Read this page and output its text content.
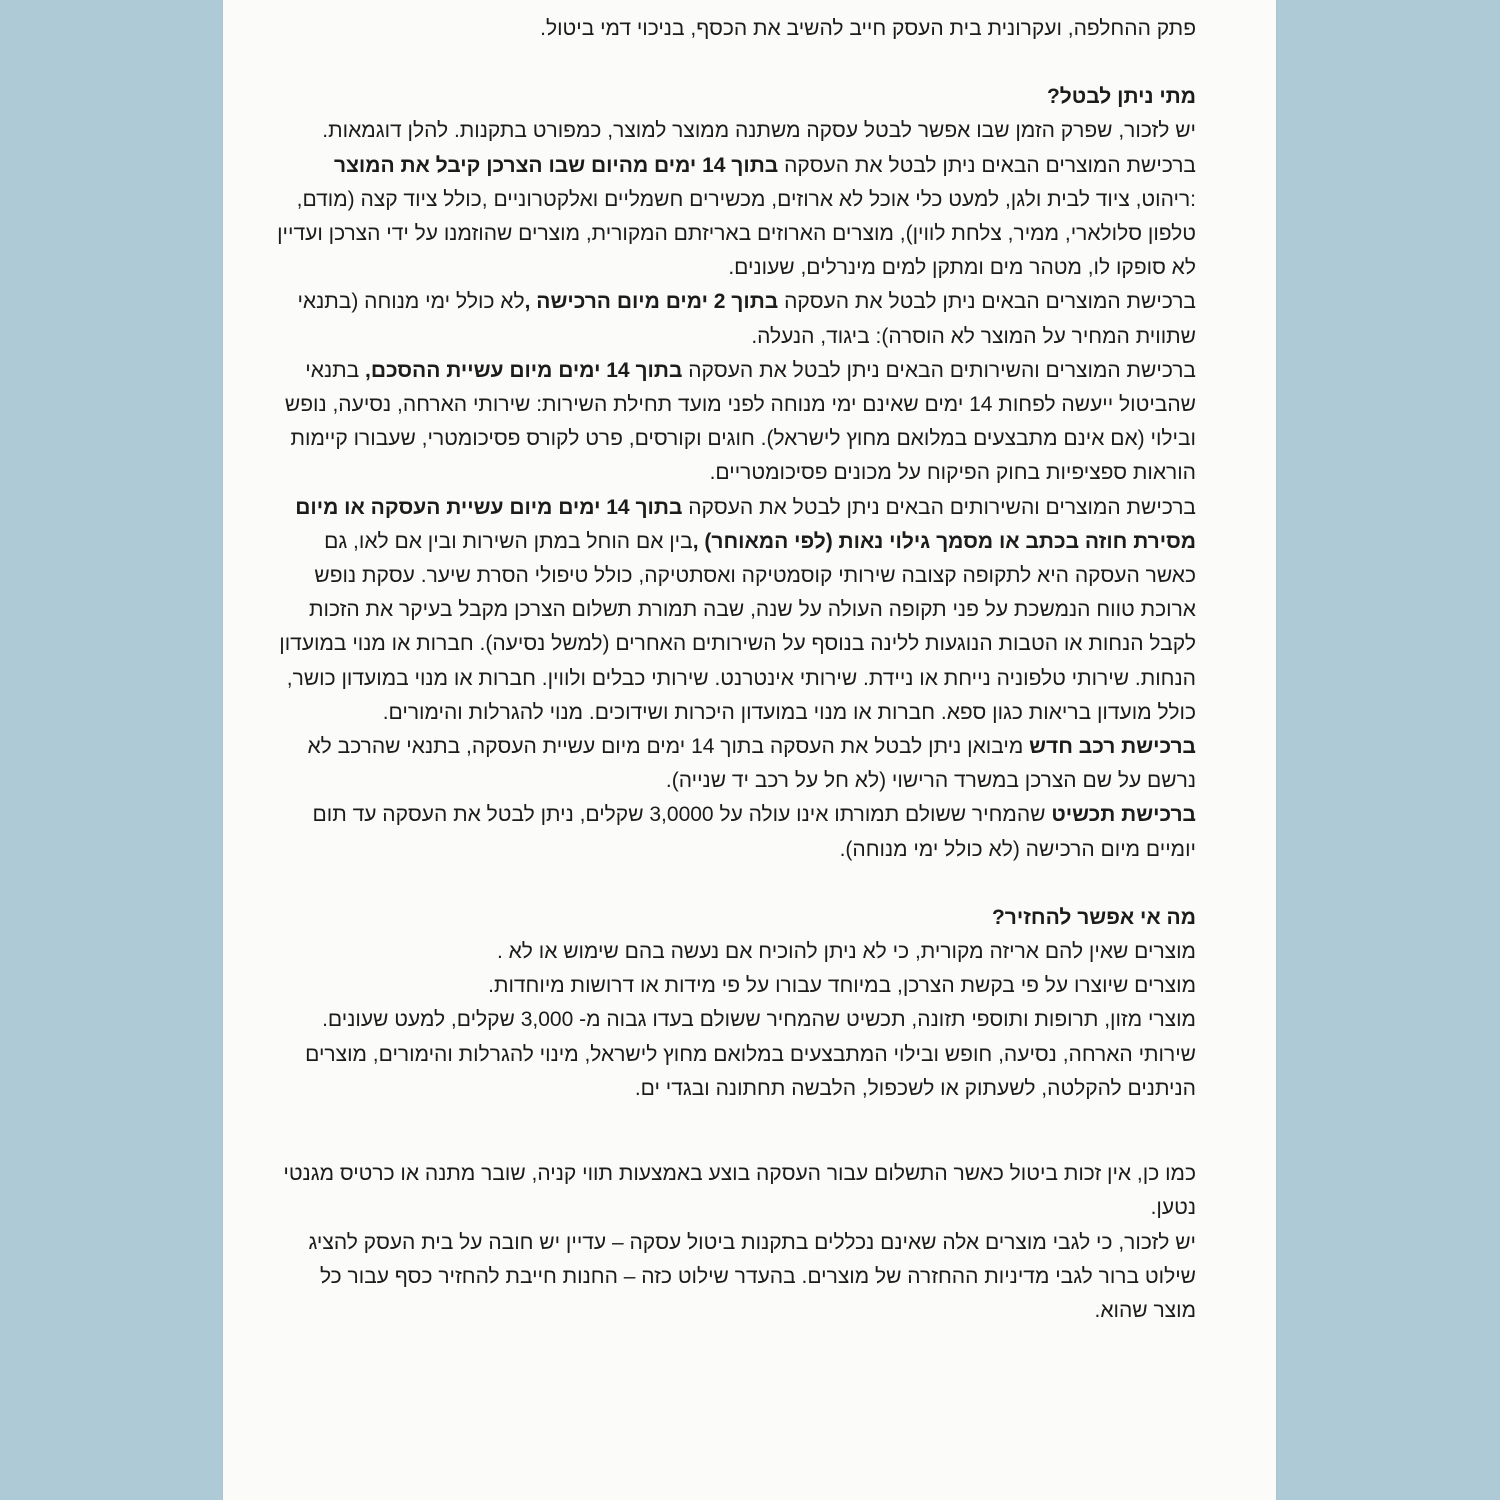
פתק ההחלפה, ועקרונית בית העסק חייב להשיב את הכסף, בניכוי דמי ביטול.

מתי ניתן לבטל?

יש לזכור, שפרק הזמן שבו אפשר לבטל עסקה משתנה ממוצר למוצר, כמפורט בתקנות. להלן דוגמאות.

ברכישת המוצרים הבאים ניתן לבטל את העסקה בתוך 14 ימים מהיום שבו הצרכן קיבל את המוצר :ריהוט, ציוד לבית ולגן, למעט כלי אוכל לא ארוזים, מכשירים חשמליים ואלקטרוניים ,כולל ציוד קצה (מודם, טלפון סלולארי, ממיר, צלחת לווין), מוצרים הארוזים באריזתם המקורית, מוצרים שהוזמנו על ידי הצרכן ועדיין לא סופקו לו, מטהר מים ומתקן למים מינרלים, שעונים.

ברכישת המוצרים הבאים ניתן לבטל את העסקה בתוך 2 ימים מיום הרכישה ,לא כולל ימי מנוחה (בתנאי שתווית המחיר על המוצר לא הוסרה): ביגוד, הנעלה.

ברכישת המוצרים והשירותים הבאים ניתן לבטל את העסקה בתוך 14 ימים מיום עשיית ההסכם, בתנאי שהביטול ייעשה לפחות 14 ימים שאינם ימי מנוחה לפני מועד תחילת השירות: שירותי הארחה, נסיעה, נופש ובילוי (אם אינם מתבצעים במלואם מחוץ לישראל). חוגים וקורסים, פרט לקורס פסיכומטרי, שעבורו קיימות הוראות ספציפיות בחוק הפיקוח על מכונים פסיכומטריים.

ברכישת המוצרים והשירותים הבאים ניתן לבטל את העסקה בתוך 14 ימים מיום עשיית העסקה או מיום מסירת חוזה בכתב או מסמך גילוי נאות (לפי המאוחר) ,בין אם הוחל במתן השירות ובין אם לאו, גם כאשר העסקה היא לתקופה קצובה שירותי קוסמטיקה ואסתטיקה, כולל טיפולי הסרת שיער. עסקת נופש ארוכת טווח הנמשכת על פני תקופה העולה על שנה, שבה תמורת תשלום הצרכן מקבל בעיקר את הזכות לקבל הנחות או הטבות הנוגעות ללינה בנוסף על השירותים האחרים (למשל נסיעה). חברות או מנוי במועדון הנחות. שירותי טלפוניה נייחת או ניידת. שירותי אינטרנט. שירותי כבלים ולווין. חברות או מנוי במועדון כושר, כולל מועדון בריאות כגון ספא. חברות או מנוי במועדון היכרות ושידוכים. מנוי להגרלות והימורים.

ברכישת רכב חדש מיבואן ניתן לבטל את העסקה בתוך 14 ימים מיום עשיית העסקה, בתנאי שהרכב לא נרשם על שם הצרכן במשרד הרישוי (לא חל על רכב יד שנייה).

ברכישת תכשיט שהמחיר ששולם תמורתו אינו עולה על 3,0000 שקלים, ניתן לבטל את העסקה עד תום יומיים מיום הרכישה (לא כולל ימי מנוחה).

מה אי אפשר להחזיר?

מוצרים שאין להם אריזה מקורית, כי לא ניתן להוכיח אם נעשה בהם שימוש או לא .

מוצרים שיוצרו על פי בקשת הצרכן, במיוחד עבורו על פי מידות או דרושות מיוחדות.

מוצרי מזון, תרופות ותוספי תזונה, תכשיט שהמחיר ששולם בעדו גבוה מ- 3,000 שקלים, למעט שעונים. שירותי הארחה, נסיעה, חופש ובילוי המתבצעים במלואם מחוץ לישראל, מינוי להגרלות והימורים, מוצרים הניתנים להקלטה, לשעתוק או לשכפול, הלבשה תחתונה ובגדי ים.

כמו כן, אין זכות ביטול כאשר התשלום עבור העסקה בוצע באמצעות תווי קניה, שובר מתנה או כרטיס מגנטי נטען.

יש לזכור, כי לגבי מוצרים אלה שאינם נכללים בתקנות ביטול עסקה – עדיין יש חובה על בית העסק להציג שילוט ברור לגבי מדיניות ההחזרה של מוצרים. בהעדר שילוט כזה – החנות חייבת להחזיר כסף עבור כל מוצר שהוא.
